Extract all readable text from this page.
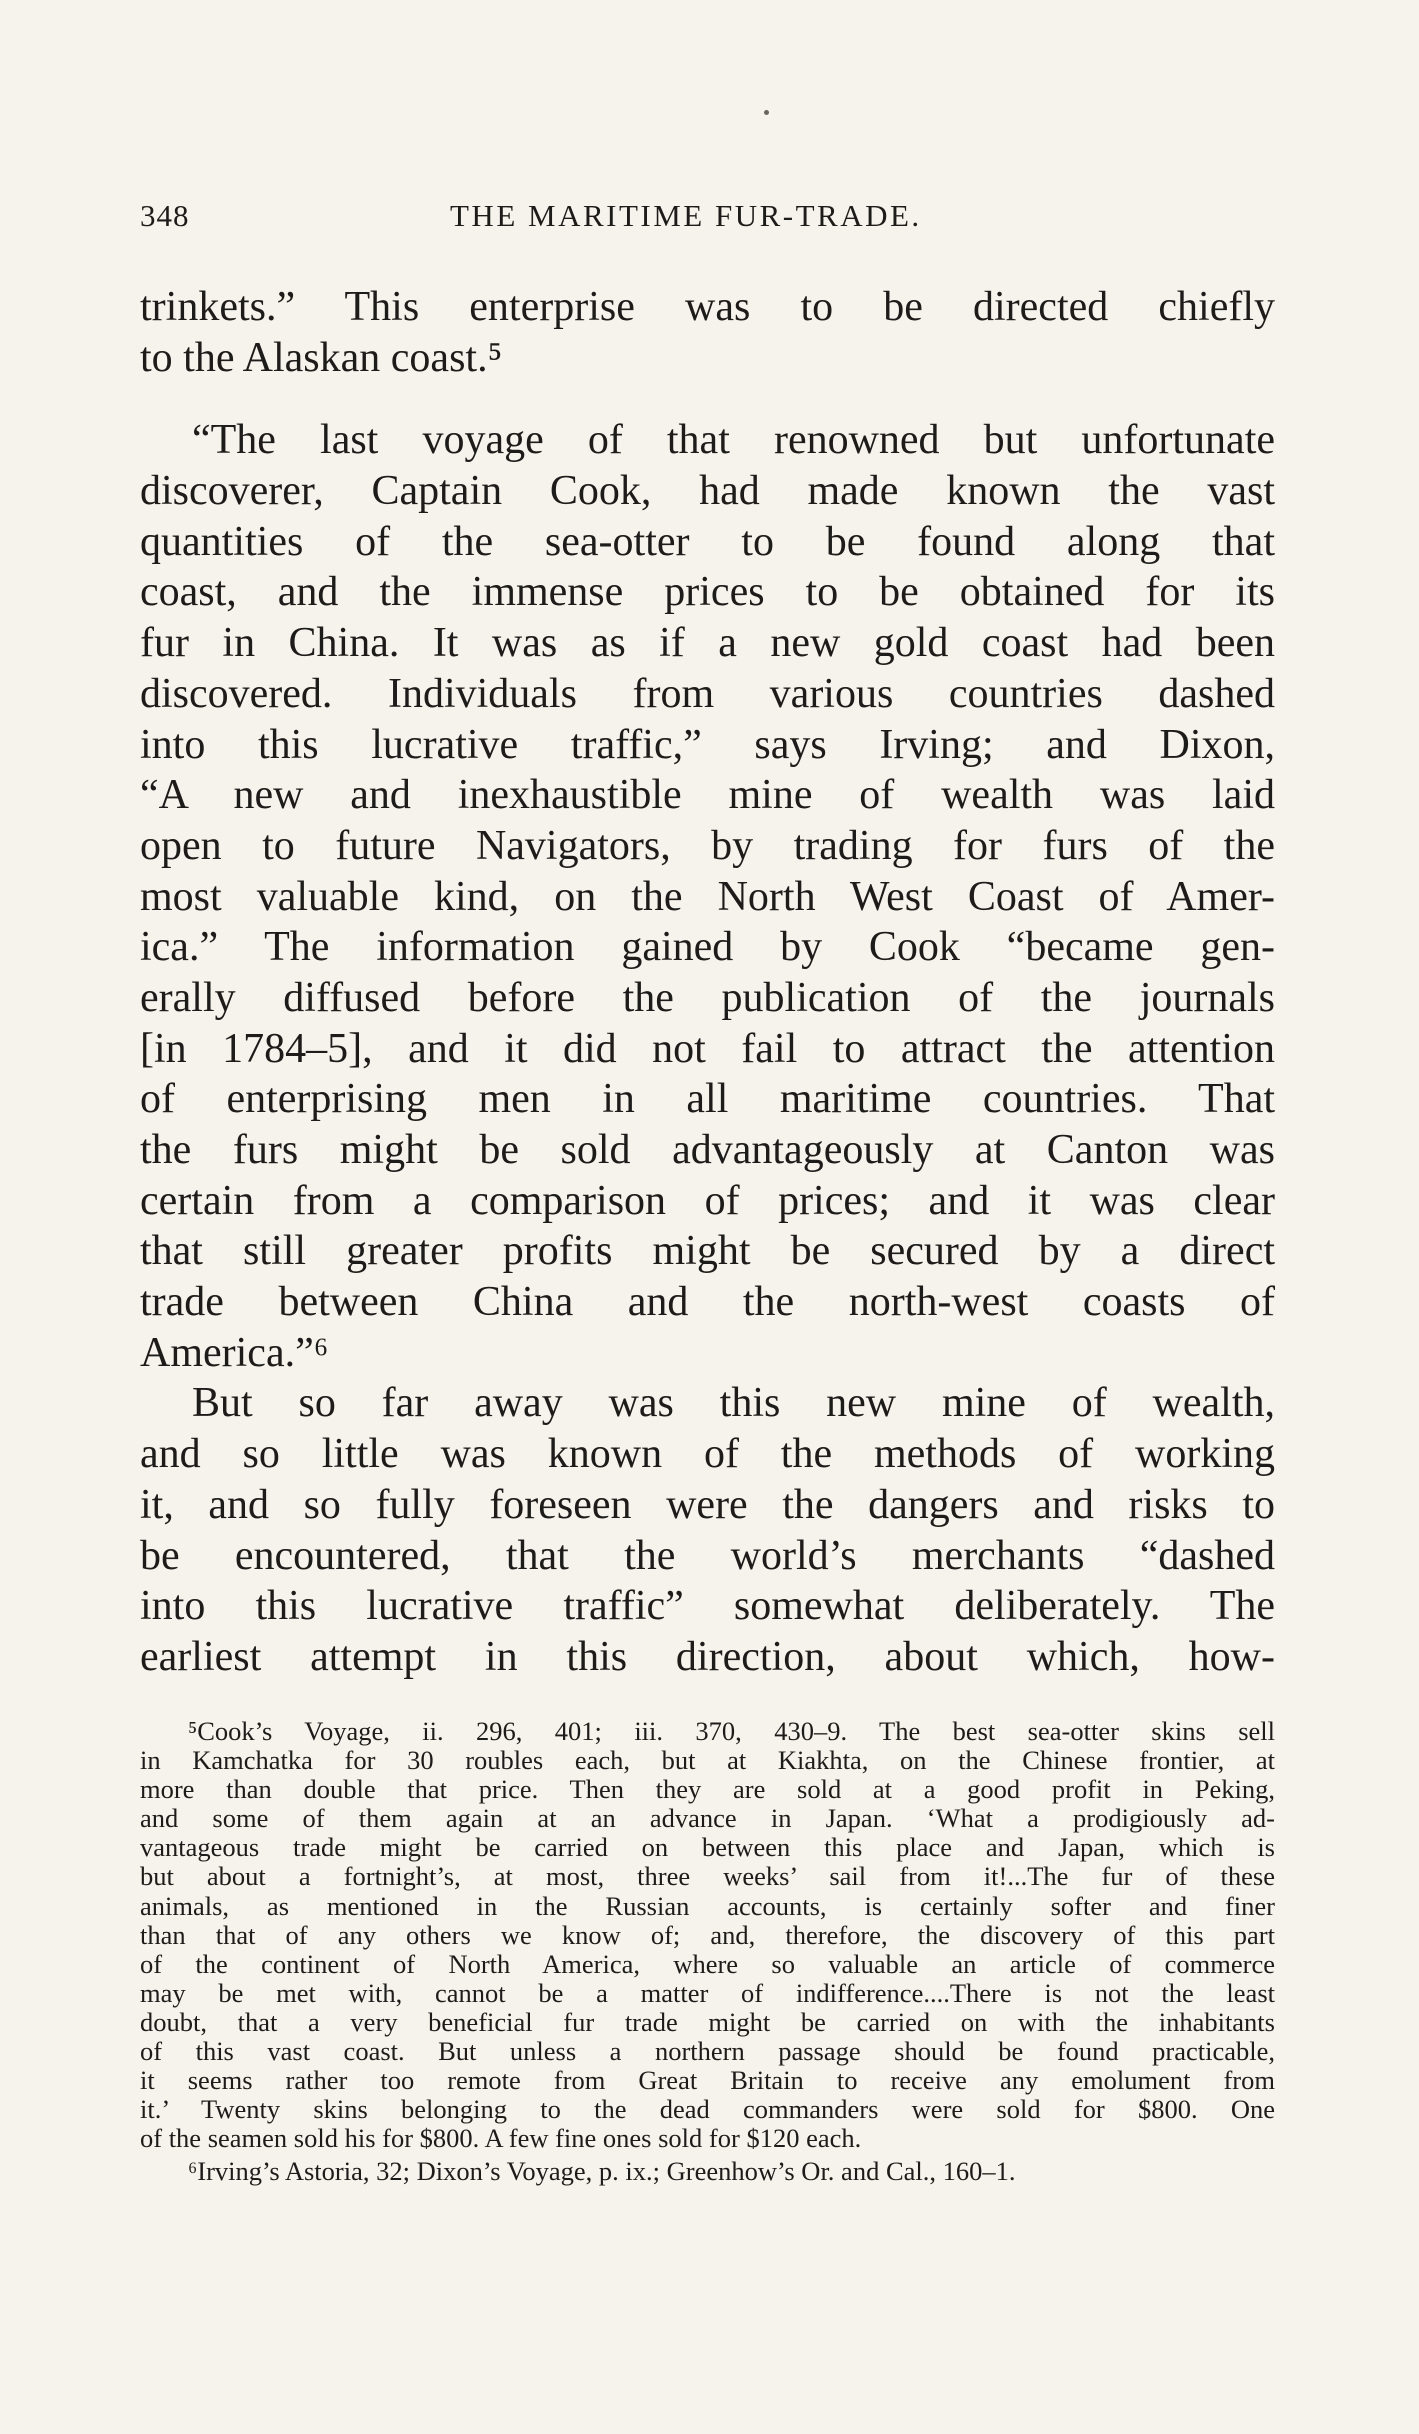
348	THE MARITIME FUR-TRADE.
trinkets.” This enterprise was to be directed chiefly
to the Alaskan coast.⁵
“The last voyage of that renowned but unfortunate
discoverer, Captain Cook, had made known the vast
quantities of the sea-otter to be found along that
coast, and the immense prices to be obtained for its
fur in China. It was as if a new gold coast had been
discovered. Individuals from various countries dashed
into this lucrative traffic,” says Irving; and Dixon,
“A new and inexhaustible mine of wealth was laid
open to future Navigators, by trading for furs of the
most valuable kind, on the North West Coast of Amer-
ica.” The information gained by Cook “became gen-
erally diffused before the publication of the journals
[in 1784–5], and it did not fail to attract the attention
of enterprising men in all maritime countries. That
the furs might be sold advantageously at Canton was
certain from a comparison of prices; and it was clear
that still greater profits might be secured by a direct
trade between China and the north-west coasts of
America.”⁶
But so far away was this new mine of wealth,
and so little was known of the methods of working
it, and so fully foreseen were the dangers and risks to
be encountered, that the world’s merchants “dashed
into this lucrative traffic” somewhat deliberately. The
earliest attempt in this direction, about which, how-
⁵Cook’s Voyage, ii. 296, 401; iii. 370, 430–9. The best sea-otter skins sell
in Kamchatka for 30 roubles each, but at Kiakhta, on the Chinese frontier, at
more than double that price. Then they are sold at a good profit in Peking,
and some of them again at an advance in Japan. ‘What a prodigiously ad-
vantageous trade might be carried on between this place and Japan, which is
but about a fortnight’s, at most, three weeks’ sail from it!...The fur of these
animals, as mentioned in the Russian accounts, is certainly softer and finer
than that of any others we know of; and, therefore, the discovery of this part
of the continent of North America, where so valuable an article of commerce
may be met with, cannot be a matter of indifference....There is not the least
doubt, that a very beneficial fur trade might be carried on with the inhabitants
of this vast coast. But unless a northern passage should be found practicable,
it seems rather too remote from Great Britain to receive any emolument from
it.’ Twenty skins belonging to the dead commanders were sold for $800. One
of the seamen sold his for $800. A few fine ones sold for $120 each.
⁶Irving’s Astoria, 32; Dixon’s Voyage, p. ix.; Greenhow’s Or. and Cal., 160–1.
